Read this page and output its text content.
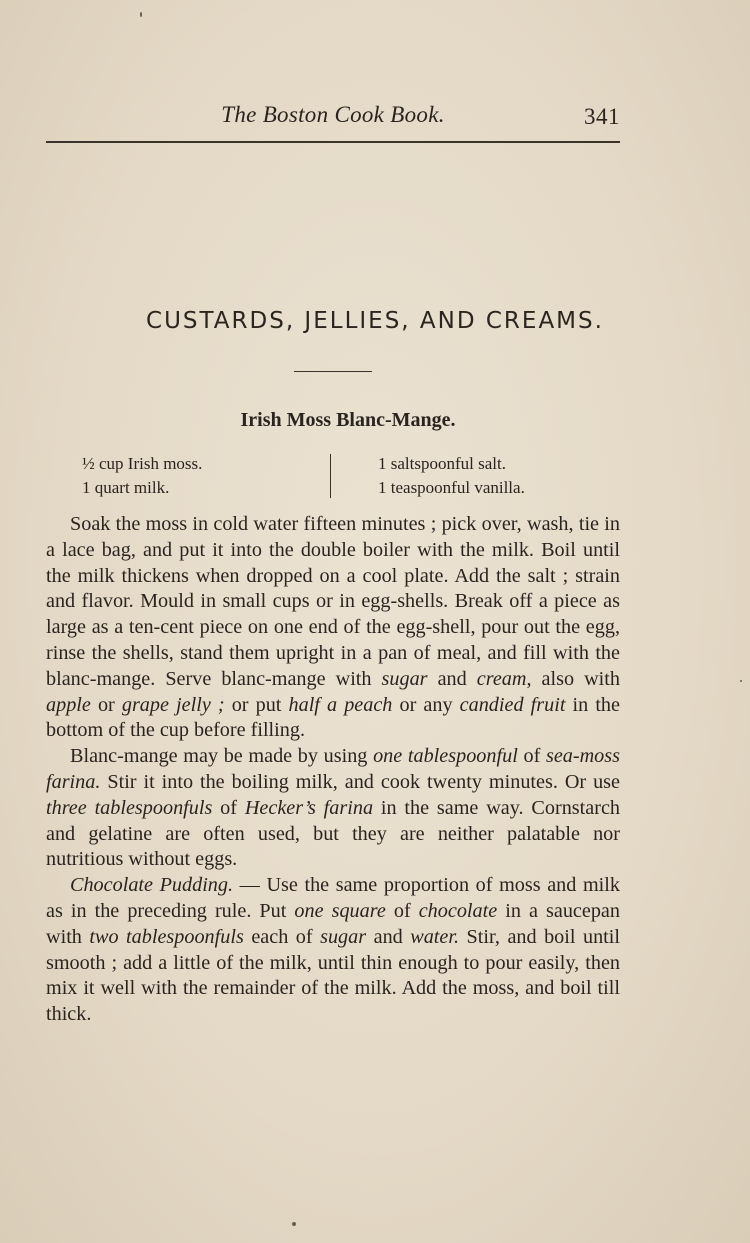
The Boston Cook Book.	341
CUSTARDS, JELLIES, AND CREAMS.
Irish Moss Blanc-Mange.
½ cup Irish moss.
1 quart milk.
1 saltspoonful salt.
1 teaspoonful vanilla.

Soak the moss in cold water fifteen minutes ; pick over, wash, tie in a lace bag, and put it into the double boiler with the milk. Boil until the milk thickens when dropped on a cool plate. Add the salt ; strain and flavor. Mould in small cups or in egg-shells. Break off a piece as large as a ten-cent piece on one end of the egg-shell, pour out the egg, rinse the shells, stand them upright in a pan of meal, and fill with the blanc-mange. Serve blanc-mange with sugar and cream, also with apple or grape jelly ; or put half a peach or any candied fruit in the bottom of the cup before filling.

Blanc-mange may be made by using one tablespoonful of sea-moss farina. Stir it into the boiling milk, and cook twenty minutes. Or use three tablespoonfuls of Hecker’s farina in the same way. Cornstarch and gelatine are often used, but they are neither palatable nor nutritious without eggs.

Chocolate Pudding. — Use the same proportion of moss and milk as in the preceding rule. Put one square of chocolate in a saucepan with two tablespoonfuls each of sugar and water. Stir, and boil until smooth ; add a little of the milk, until thin enough to pour easily, then mix it well with the remainder of the milk. Add the moss, and boil till thick.
